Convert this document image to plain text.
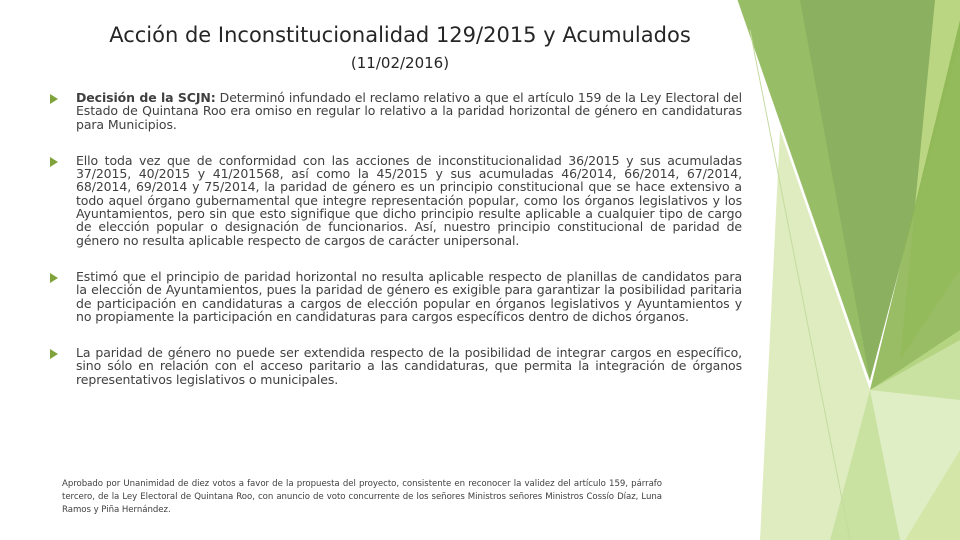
Acción de Inconstitucionalidad 129/2015 y Acumulados
(11/02/2016)
Decisión de la SCJN: Determinó infundado el reclamo relativo a que el artículo 159 de la Ley Electoral del Estado de Quintana Roo era omiso en regular lo relativo a la paridad horizontal de género en candidaturas para Municipios.
Ello toda vez que de conformidad con las acciones de inconstitucionalidad 36/2015 y sus acumuladas 37/2015, 40/2015 y 41/201568, así como la 45/2015 y sus acumuladas 46/2014, 66/2014, 67/2014, 68/2014, 69/2014 y 75/2014, la paridad de género es un principio constitucional que se hace extensivo a todo aquel órgano gubernamental que integre representación popular, como los órganos legislativos y los Ayuntamientos, pero sin que esto signifique que dicho principio resulte aplicable a cualquier tipo de cargo de elección popular o designación de funcionarios. Así, nuestro principio constitucional de paridad de género no resulta aplicable respecto de cargos de carácter unipersonal.
Estimó que el principio de paridad horizontal no resulta aplicable respecto de planillas de candidatos para la elección de Ayuntamientos, pues la paridad de género es exigible para garantizar la posibilidad paritaria de participación en candidaturas a cargos de elección popular en órganos legislativos y Ayuntamientos y no propiamente la participación en candidaturas para cargos específicos dentro de dichos órganos.
La paridad de género no puede ser extendida respecto de la posibilidad de integrar cargos en específico, sino sólo en relación con el acceso paritario a las candidaturas, que permita la integración de órganos representativos legislativos o municipales.
Aprobado por Unanimidad de diez votos a favor de la propuesta del proyecto, consistente en reconocer la validez del artículo 159, párrafo tercero, de la Ley Electoral de Quintana Roo, con anuncio de voto concurrente de los señores Ministros señores Ministros Cossío Díaz, Luna Ramos y Piña Hernández.
